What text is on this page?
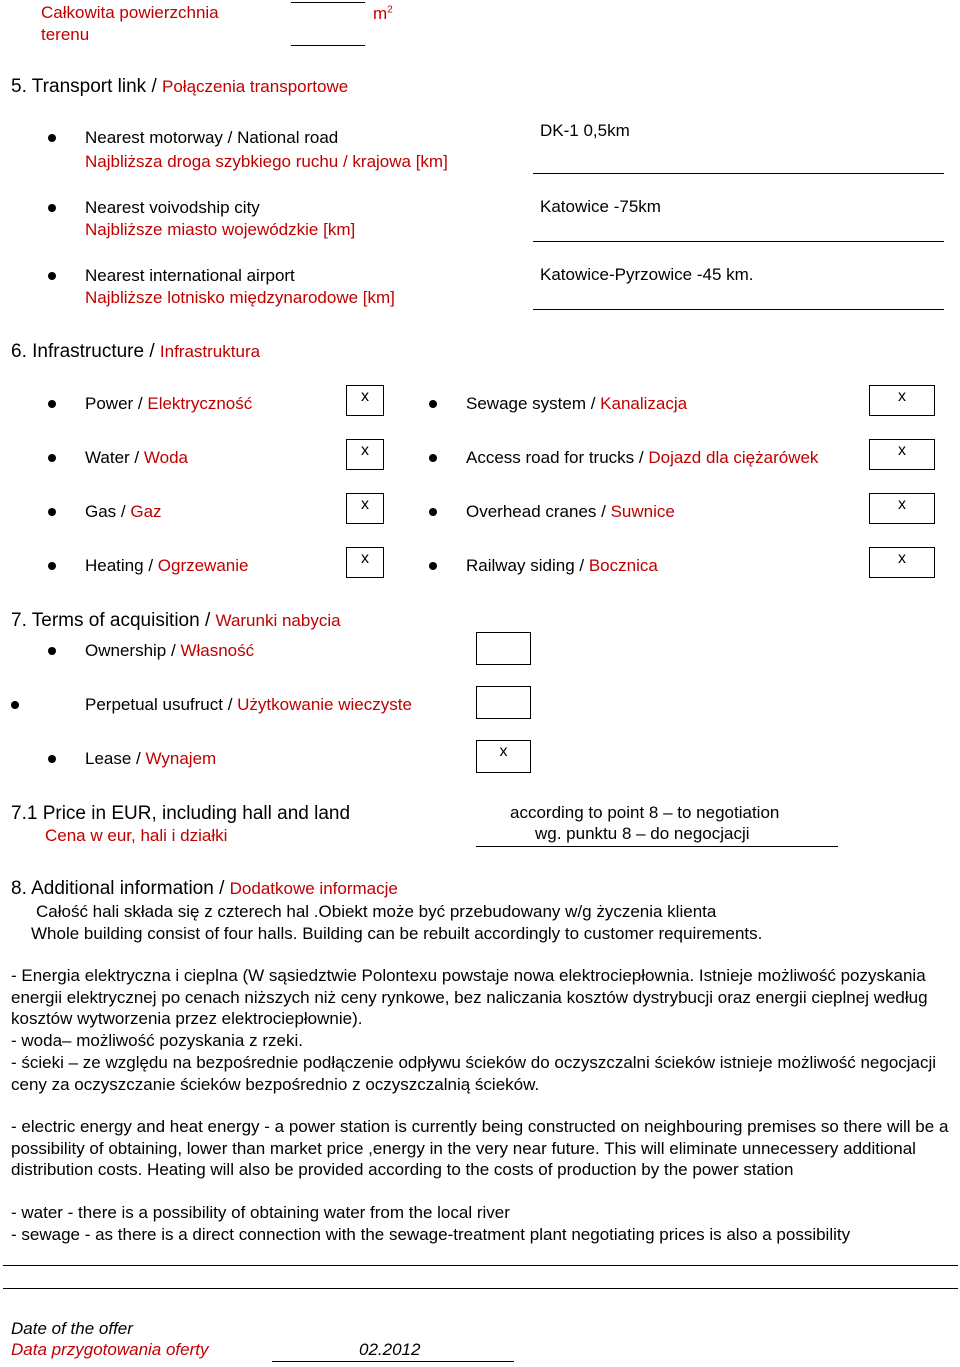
Całkowita powierzchnia
terenu
$m^2$
5. Transport link / Połączenia transportowe
Nearest motorway / National road
Najbliższa droga szybkiego ruchu / krajowa [km]
DK-1 0,5km
Nearest voivodship city
Najbliższe miasto wojewódzkie [km]
Katowice -75km
Nearest international airport
Najbliższe lotnisko międzynarodowe [km]
Katowice-Pyrzowice -45 km.
6. Infrastructure / Infrastruktura
Power / Elektryczność	x
Water / Woda	x
Gas / Gaz	x
Heating / Ogrzewanie	x
Sewage system / Kanalizacja	x
Access road for trucks / Dojazd dla ciężarówek	x
Overhead cranes / Suwnice	x
Railway siding / Bocznica	x
7. Terms of acquisition / Warunki nabycia
Ownership / Własność
Perpetual usufruct / Użytkowanie wieczyste
Lease / Wynajem	x
7.1 Price in EUR, including hall and land
Cena w eur, hali i działki
according to point 8 – to negotiation
wg. punktu 8 – do negocjacji
8. Additional information / Dodatkowe informacje
Całość hali składa się z czterech hal .Obiekt może być przebudowany w/g życzenia klienta
Whole building consist of four halls. Building can be rebuilt accordingly to customer requirements.
- Energia elektryczna i cieplna (W sąsiedztwie Polontexu powstaje nowa elektrociepłownia. Istnieje możliwość pozyskania energii elektrycznej po cenach niższych niż ceny rynkowe, bez naliczania kosztów dystrybucji oraz energii cieplnej według kosztów wytworzenia przez elektrociepłownie).
- woda– możliwość pozyskania z rzeki.
- ścieki – ze względu na bezpośrednie podłączenie odpływu ścieków do oczyszczalni ścieków istnieje możliwość negocjacji ceny za oczyszczanie ścieków bezpośrednio z oczyszczalnią ścieków.
- electric energy and heat energy - a power station is currently being constructed on neighbouring premises so there will be a possibility of obtaining, lower than market price ,energy in the very near future. This will eliminate unnecessery additional distribution costs. Heating will also be provided according to the costs of production by the power station
- water - there is a possibility of obtaining water from the local river
- sewage - as there is a direct connection with the sewage-treatment plant negotiating prices is also a possibility
Date of the offer
Data przygotowania oferty	02.2012
